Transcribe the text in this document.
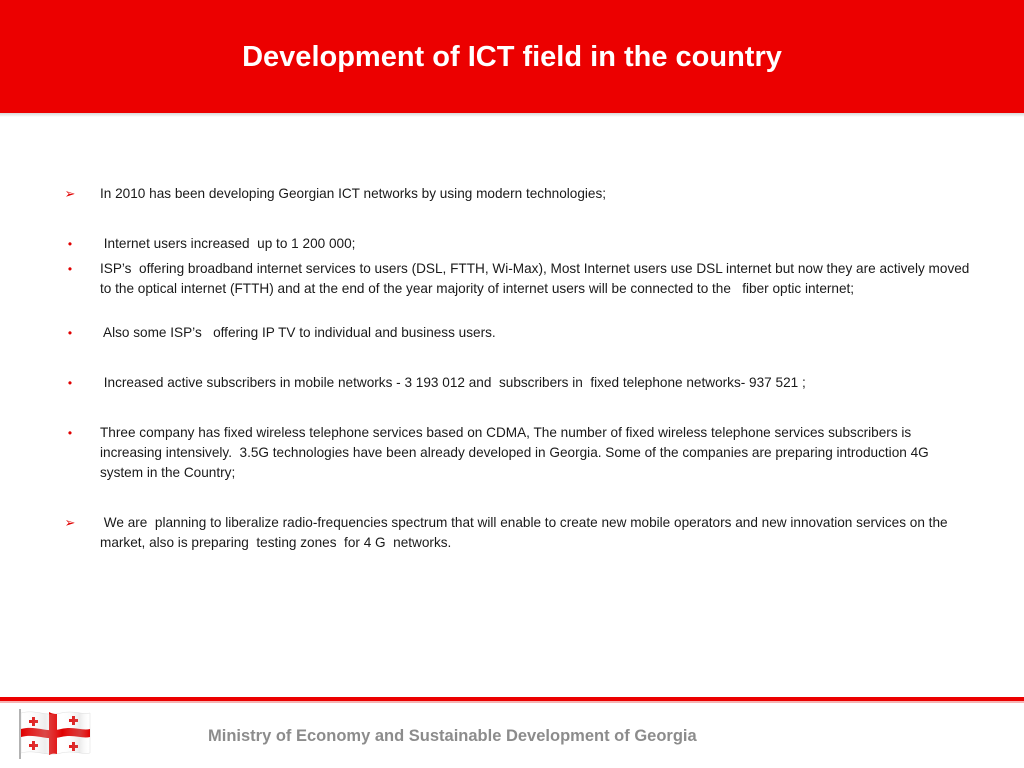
Development of ICT field in the country
➢	In 2010 has been developing Georgian ICT networks by using modern technologies;
•	Internet users increased  up to 1 200 000;
•	ISP’s  offering broadband internet services to users (DSL, FTTH, Wi-Max), Most Internet users use DSL internet but now they are actively moved to the optical internet (FTTH) and at the end of the year majority of internet users will be connected to the   fiber optic internet;
•	Also some ISP’s   offering IP TV to individual and business users.
•	Increased active subscribers in mobile networks - 3 193 012 and  subscribers in  fixed telephone networks- 937 521 ;
•	Three company has fixed wireless telephone services based on CDMA, The number of fixed wireless telephone services subscribers is increasing intensively.  3.5G technologies have been already developed in Georgia. Some of the companies are preparing introduction 4G system in the Country;
➢	We are  planning to liberalize radio-frequencies spectrum that will enable to create new mobile operators and new innovation services on the market, also is preparing  testing zones  for 4 G  networks.
Ministry of Economy and Sustainable Development of Georgia
